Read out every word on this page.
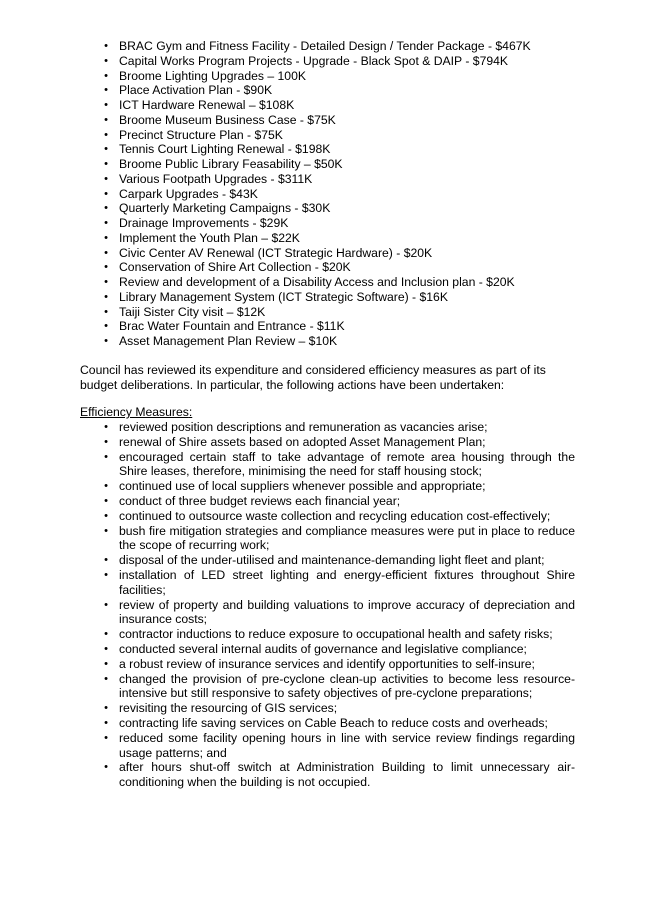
• BRAC Gym and Fitness Facility - Detailed Design / Tender Package - $467K
• Capital Works Program Projects - Upgrade - Black Spot & DAIP - $794K
• Broome Lighting Upgrades – 100K
• Place Activation Plan - $90K
• ICT Hardware Renewal – $108K
• Broome Museum Business Case - $75K
• Precinct Structure Plan - $75K
• Tennis Court Lighting Renewal - $198K
• Broome Public Library Feasability – $50K
• Various Footpath Upgrades - $311K
• Carpark Upgrades - $43K
• Quarterly Marketing Campaigns - $30K
• Drainage Improvements - $29K
• Implement the Youth Plan – $22K
• Civic Center AV Renewal (ICT Strategic Hardware) - $20K
• Conservation of Shire Art Collection - $20K
• Review and development of a Disability Access and Inclusion plan - $20K
• Library Management System (ICT Strategic Software) - $16K
• Taiji Sister City visit – $12K
• Brac Water Fountain and Entrance - $11K
• Asset Management Plan Review – $10K

Council has reviewed its expenditure and considered efficiency measures as part of its budget deliberations. In particular, the following actions have been undertaken:

Efficiency Measures:

• reviewed position descriptions and remuneration as vacancies arise;
• renewal of Shire assets based on adopted Asset Management Plan;
• encouraged certain staff to take advantage of remote area housing through the Shire leases, therefore, minimising the need for staff housing stock;
• continued use of local suppliers whenever possible and appropriate;
• conduct of three budget reviews each financial year;
• continued to outsource waste collection and recycling education cost-effectively;
• bush fire mitigation strategies and compliance measures were put in place to reduce the scope of recurring work;
• disposal of the under-utilised and maintenance-demanding light fleet and plant;
• installation of LED street lighting and energy-efficient fixtures throughout Shire facilities;
• review of property and building valuations to improve accuracy of depreciation and insurance costs;
• contractor inductions to reduce exposure to occupational health and safety risks;
• conducted several internal audits of governance and legislative compliance;
• a robust review of insurance services and identify opportunities to self-insure;
• changed the provision of pre-cyclone clean-up activities to become less resource-intensive but still responsive to safety objectives of pre-cyclone preparations;
• revisiting the resourcing of GIS services;
• contracting life saving services on Cable Beach to reduce costs and overheads;
• reduced some facility opening hours in line with service review findings regarding usage patterns; and
• after hours shut-off switch at Administration Building to limit unnecessary air-conditioning when the building is not occupied.
